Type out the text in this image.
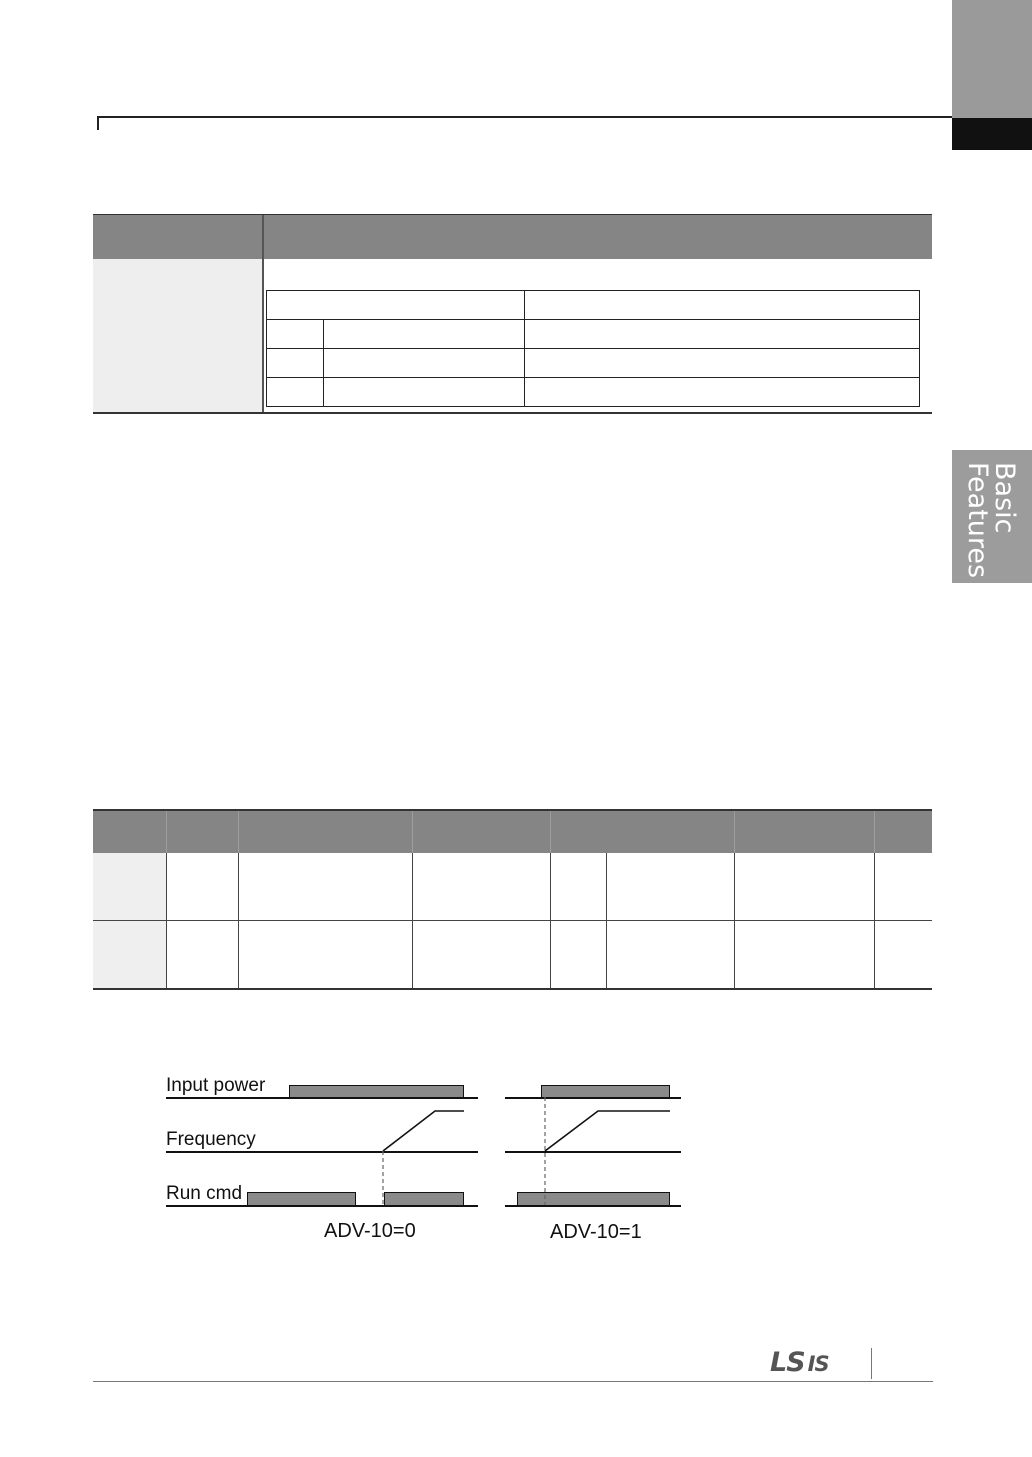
Basic
Features

Input power
Frequency
Run cmd
ADV-10=0	ADV-10=1
LS IS
